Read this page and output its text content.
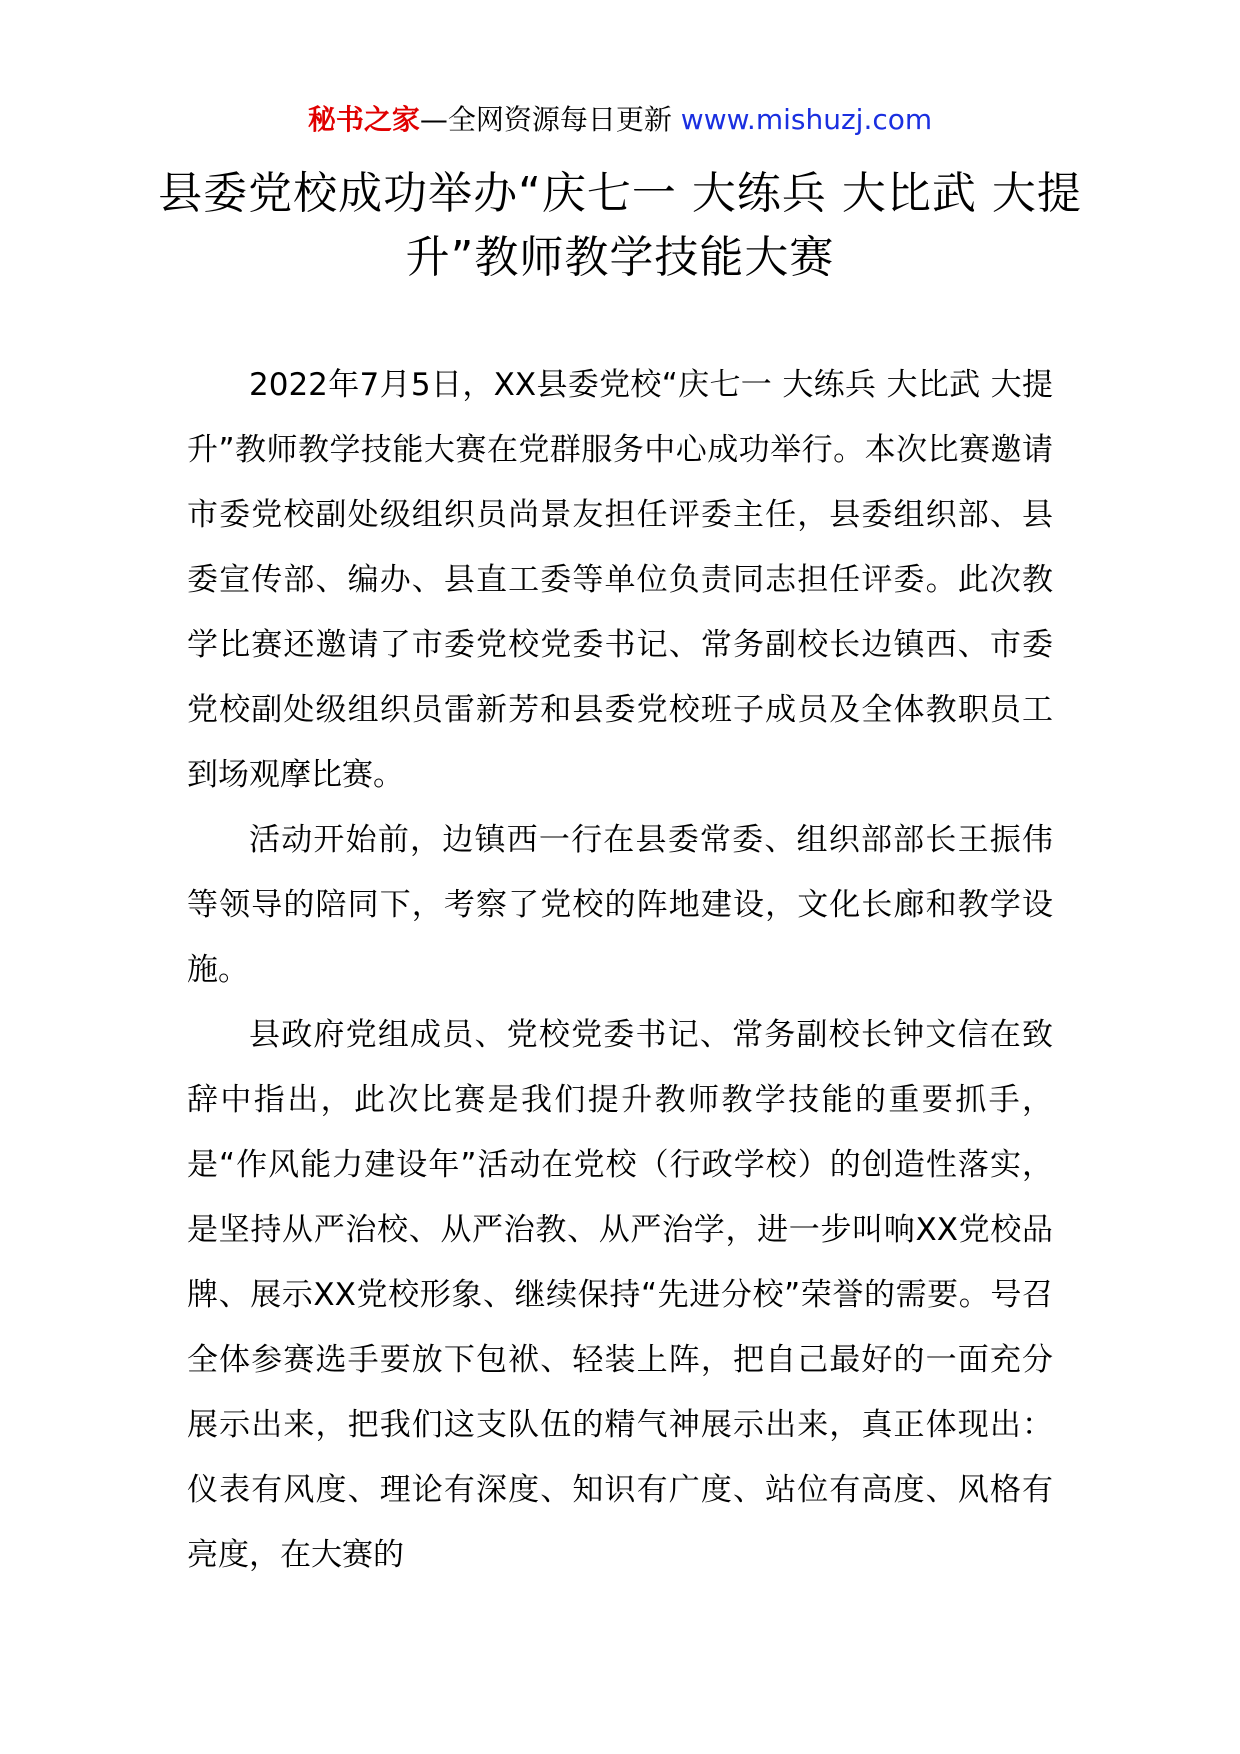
秘书之家—全网资源每日更新 www.mishuzj.com
县委党校成功举办“庆七一 大练兵 大比武 大提升”教师教学技能大赛

2022年7月5日，XX县委党校“庆七一 大练兵 大比武 大提升”教师教学技能大赛在党群服务中心成功举行。本次比赛邀请市委党校副处级组织员尚景友担任评委主任，县委组织部、县委宣传部、编办、县直工委等单位负责同志担任评委。此次教学比赛还邀请了市委党校党委书记、常务副校长边镇西、市委党校副处级组织员雷新芳和县委党校班子成员及全体教职员工到场观摩比赛。

活动开始前，边镇西一行在县委常委、组织部部长王振伟等领导的陪同下，考察了党校的阵地建设，文化长廊和教学设施。

县政府党组成员、党校党委书记、常务副校长钟文信在致辞中指出，此次比赛是我们提升教师教学技能的重要抓手，是“作风能力建设年”活动在党校（行政学校）的创造性落实，是坚持从严治校、从严治教、从严治学，进一步叫响XX党校品牌、展示XX党校形象、继续保持“先进分校”荣誉的需要。号召全体参赛选手要放下包袱、轻装上阵，把自己最好的一面充分展示出来，把我们这支队伍的精气神展示出来，真正体现出：仪表有风度、理论有深度、知识有广度、站位有高度、风格有亮度，在大赛的
